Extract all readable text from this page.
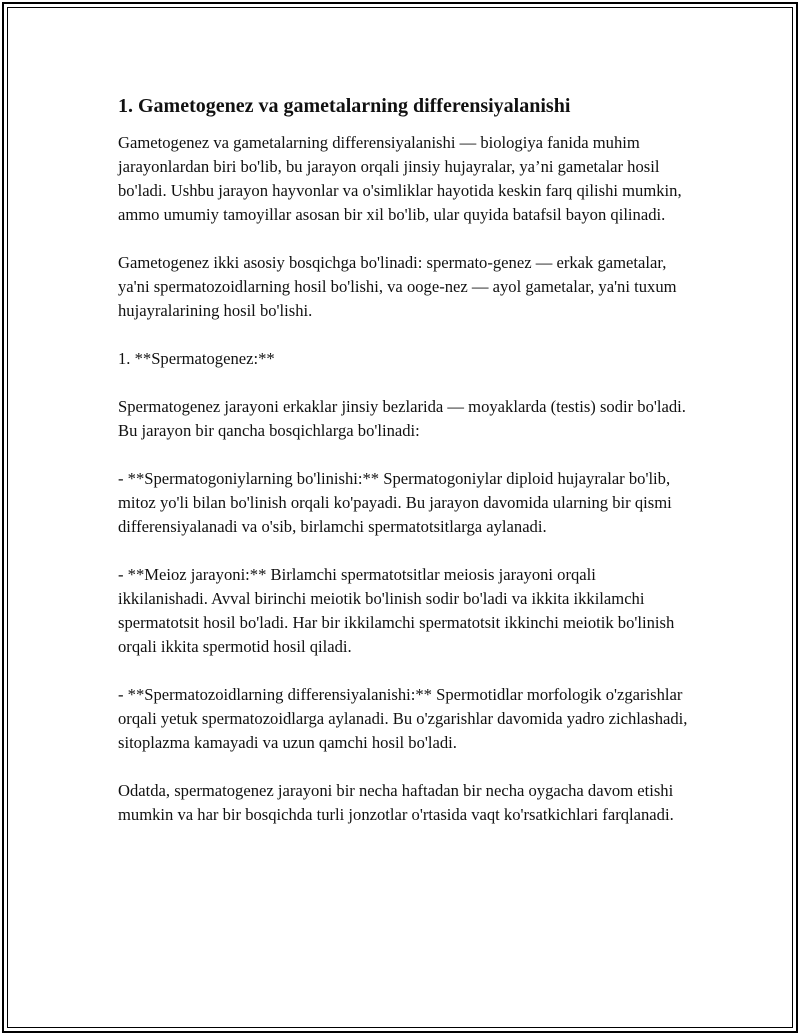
1. Gametogenez va gametalarning differensiyalanishi

Gametogenez va gametalarning differensiyalanishi — biologiya fanida muhim jarayonlardan biri bo'lib, bu jarayon orqali jinsiy hujayralar, ya’ni gametalar hosil bo'ladi. Ushbu jarayon hayvonlar va o'simliklar hayotida keskin farq qilishi mumkin, ammo umumiy tamoyillar asosan bir xil bo'lib, ular quyida batafsil bayon qilinadi.

Gametogenez ikki asosiy bosqichga bo'linadi: spermato-genez — erkak gametalar, ya'ni spermatozoidlarning hosil bo'lishi, va ooge-nez — ayol gametalar, ya'ni tuxum hujayralarining hosil bo'lishi.

1. **Spermatogenez:**

Spermatogenez jarayoni erkaklar jinsiy bezlarida — moyaklarda (testis) sodir bo'ladi. Bu jarayon bir qancha bosqichlarga bo'linadi:

- **Spermatogoniylarning bo'linishi:** Spermatogoniylar diploid hujayralar bo'lib, mitoz yo'li bilan bo'linish orqali ko'payadi. Bu jarayon davomida ularning bir qismi differensiyalanadi va o'sib, birlamchi spermatotsitlarga aylanadi.

- **Meioz jarayoni:** Birlamchi spermatotsitlar meiosis jarayoni orqali ikkilanishadi. Avval birinchi meiotik bo'linish sodir bo'ladi va ikkita ikkilamchi spermatotsit hosil bo'ladi. Har bir ikkilamchi spermatotsit ikkinchi meiotik bo'linish orqali ikkita spermotid hosil qiladi.

- **Spermatozoidlarning differensiyalanishi:** Spermotidlar morfologik o'zgarishlar orqali yetuk spermatozoidlarga aylanadi. Bu o'zgarishlar davomida yadro zichlashadi, sitoplazma kamayadi va uzun qamchi hosil bo'ladi.

Odatda, spermatogenez jarayoni bir necha haftadan bir necha oygacha davom etishi mumkin va har bir bosqichda turli jonzotlar o'rtasida vaqt ko'rsatkichlari farqlanadi.
